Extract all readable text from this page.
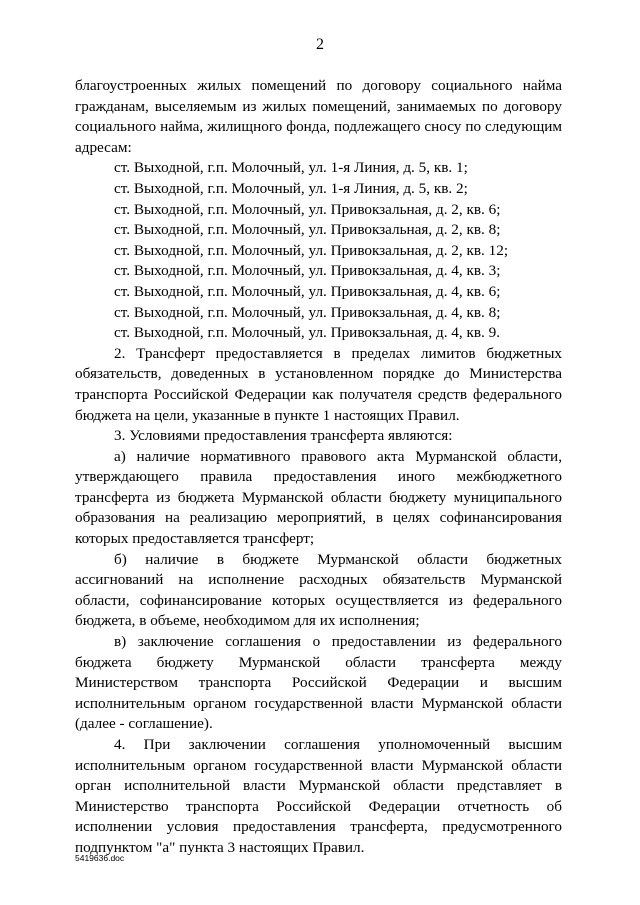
2

благоустроенных жилых помещений по договору социального найма гражданам, выселяемым из жилых помещений, занимаемых по договору социального найма, жилищного фонда, подлежащего сносу по следующим адресам:

ст. Выходной, г.п. Молочный, ул. 1-я Линия, д. 5, кв. 1;
ст. Выходной, г.п. Молочный, ул. 1-я Линия, д. 5, кв. 2;
ст. Выходной, г.п. Молочный, ул. Привокзальная, д. 2, кв. 6;
ст. Выходной, г.п. Молочный, ул. Привокзальная, д. 2, кв. 8;
ст. Выходной, г.п. Молочный, ул. Привокзальная, д. 2, кв. 12;
ст. Выходной, г.п. Молочный, ул. Привокзальная, д. 4, кв. 3;
ст. Выходной, г.п. Молочный, ул. Привокзальная, д. 4, кв. 6;
ст. Выходной, г.п. Молочный, ул. Привокзальная, д. 4, кв. 8;
ст. Выходной, г.п. Молочный, ул. Привокзальная, д. 4, кв. 9.

2. Трансферт предоставляется в пределах лимитов бюджетных обязательств, доведенных в установленном порядке до Министерства транспорта Российской Федерации как получателя средств федерального бюджета на цели, указанные в пункте 1 настоящих Правил.

3. Условиями предоставления трансферта являются:

а) наличие нормативного правового акта Мурманской области, утверждающего правила предоставления иного межбюджетного трансферта из бюджета Мурманской области бюджету муниципального образования на реализацию мероприятий, в целях софинансирования которых предоставляется трансферт;

б) наличие в бюджете Мурманской области бюджетных ассигнований на исполнение расходных обязательств Мурманской области, софинансирование которых осуществляется из федерального бюджета, в объеме, необходимом для их исполнения;

в) заключение соглашения о предоставлении из федерального бюджета бюджету Мурманской области трансферта между Министерством транспорта Российской Федерации и высшим исполнительным органом государственной власти Мурманской области (далее - соглашение).

4. При заключении соглашения уполномоченный высшим исполнительным органом государственной власти Мурманской области орган исполнительной власти Мурманской области представляет в Министерство транспорта Российской Федерации отчетность об исполнении условия предоставления трансферта, предусмотренного подпунктом "а" пункта 3 настоящих Правил.

5419636.doc
